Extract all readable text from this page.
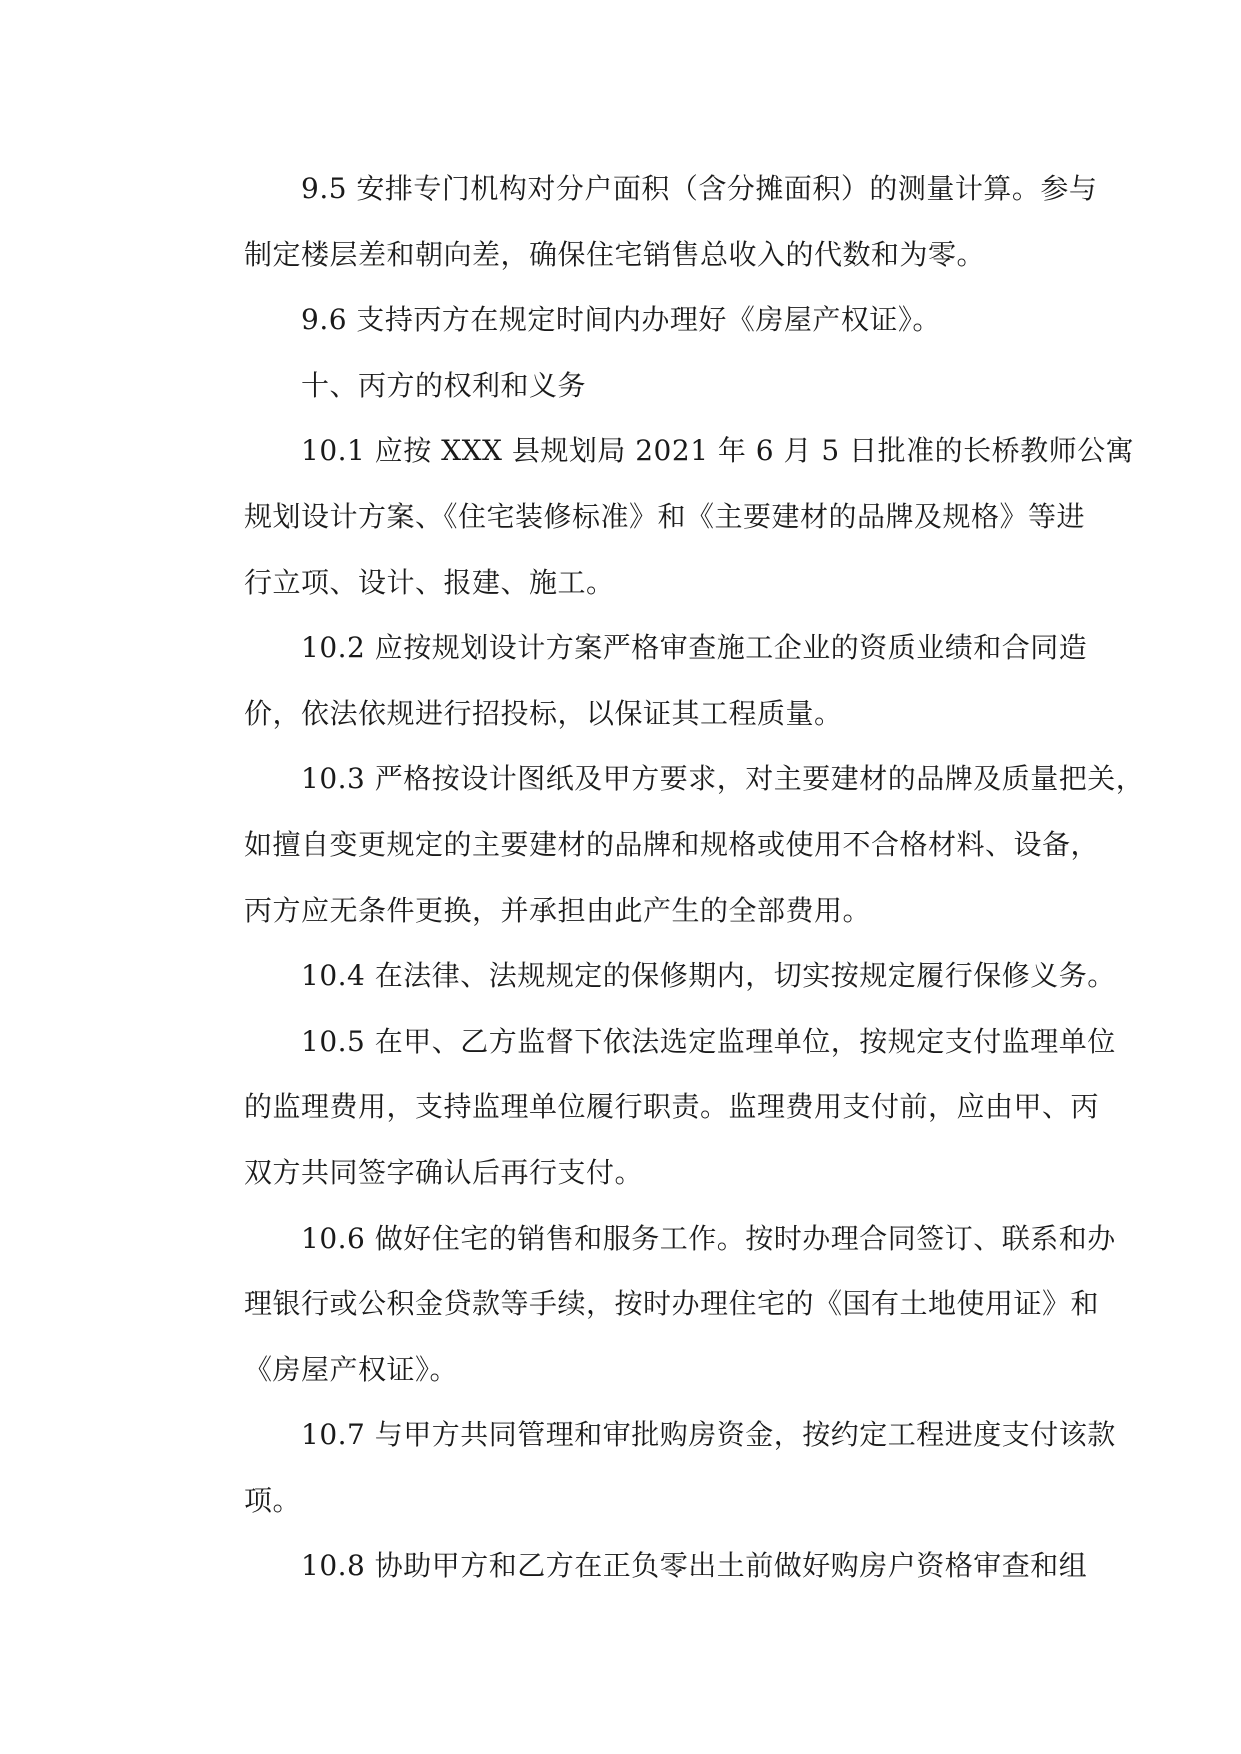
9.5 安排专门机构对分户面积（含分摊面积）的测量计算。参与
制定楼层差和朝向差，确保住宅销售总收入的代数和为零。
9.6 支持丙方在规定时间内办理好《房屋产权证》。
十、丙方的权利和义务
10.1 应按 XXX 县规划局 2021 年 6 月 5 日批准的长桥教师公寓
规划设计方案、《住宅装修标准》和《主要建材的品牌及规格》等进
行立项、设计、报建、施工。
10.2 应按规划设计方案严格审查施工企业的资质业绩和合同造
价，依法依规进行招投标，以保证其工程质量。
10.3 严格按设计图纸及甲方要求，对主要建材的品牌及质量把关，
如擅自变更规定的主要建材的品牌和规格或使用不合格材料、设备，
丙方应无条件更换，并承担由此产生的全部费用。
10.4 在法律、法规规定的保修期内，切实按规定履行保修义务。
10.5 在甲、乙方监督下依法选定监理单位，按规定支付监理单位
的监理费用，支持监理单位履行职责。监理费用支付前，应由甲、丙
双方共同签字确认后再行支付。
10.6 做好住宅的销售和服务工作。按时办理合同签订、联系和办
理银行或公积金贷款等手续，按时办理住宅的《国有土地使用证》和
《房屋产权证》。
10.7 与甲方共同管理和审批购房资金，按约定工程进度支付该款
项。
10.8 协助甲方和乙方在正负零出土前做好购房户资格审查和组
